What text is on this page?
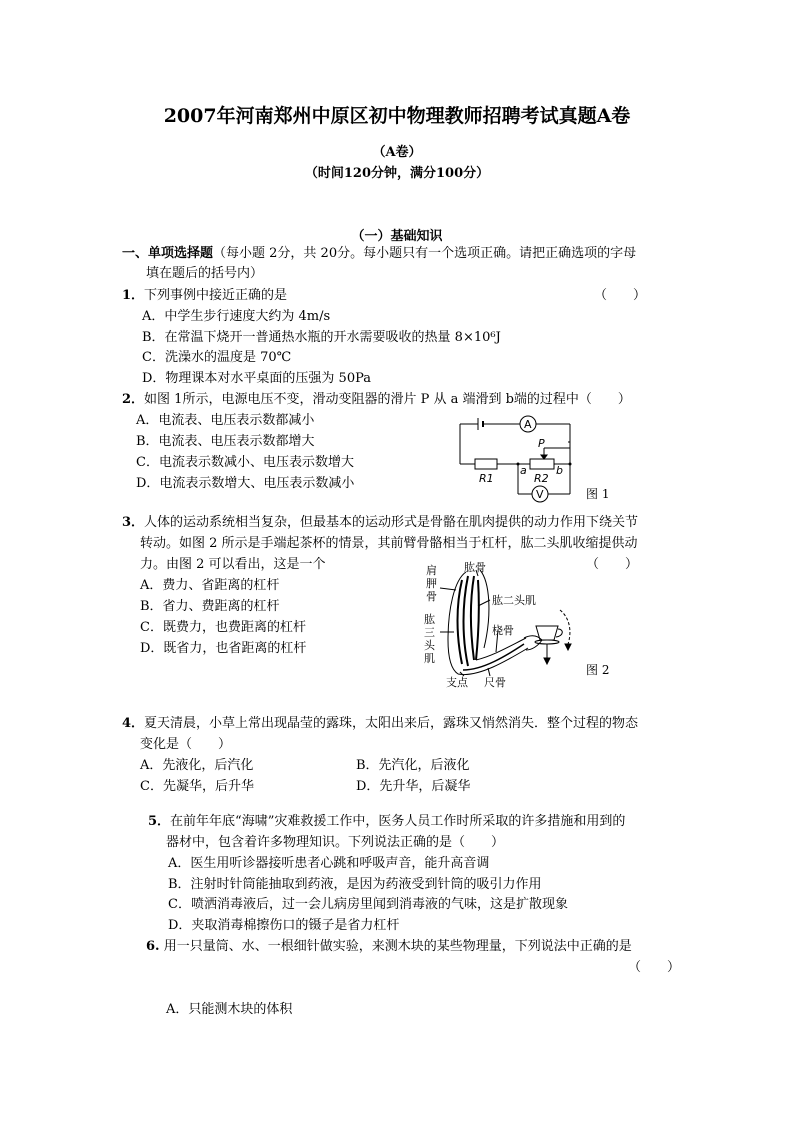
2007年河南郑州中原区初中物理教师招聘考试真题A卷
（A卷）
（时间120分钟，满分100分）
（一）基础知识
一、单项选择题（每小题 2分，共 20分。每小题只有一个选项正确。请把正确选项的字母
填在题后的括号内）
1．下列事例中接近正确的是	（　　）
A．中学生步行速度大约为 4m/s
B．在常温下烧开一普通热水瓶的开水需要吸收的热量 8×10⁶J
C．洗澡水的温度是 70℃
D．物理课本对水平桌面的压强为 50Pa
2．如图 1所示，电源电压不变，滑动变阻器的滑片 P 从 a 端滑到 b端的过程中（　　）
A．电流表、电压表示数都减小
B．电流表、电压表示数都增大
C．电流表示数减小、电压表示数增大
D．电流表示数增大、电压表示数减小
A
V
P
R1	R2
a	b
图 1
3．人体的运动系统相当复杂，但最基本的运动形式是骨骼在肌肉提供的动力作用下绕关节
转动。如图 2 所示是手端起茶杯的情景，其前臂骨骼相当于杠杆，肱二头肌收缩提供动
力。由图 2 可以看出，这是一个	（　　）
A．费力、省距离的杠杆
B．省力、费距离的杠杆
C．既费力，也费距离的杠杆
D．既省力，也省距离的杠杆
肩
胛
骨
肱骨
肱二头肌
肱
三
头
肌
桡骨
支点 尺骨
图 2
4．夏天清晨，小草上常出现晶莹的露珠，太阳出来后，露珠又悄然消失．整个过程的物态
变化是（　　）
A．先液化，后汽化	B．先汽化，后液化
C．先凝华，后升华	D．先升华，后凝华
5．在前年年底“海啸”灾难救援工作中，医务人员工作时所采取的许多措施和用到的
器材中，包含着许多物理知识。下列说法正确的是（　　）
A．医生用听诊器接听患者心跳和呼吸声音，能升高音调
B．注射时针筒能抽取到药液，是因为药液受到针筒的吸引力作用
C．喷洒消毒液后，过一会儿病房里闻到消毒液的气味，这是扩散现象
D．夹取消毒棉擦伤口的镊子是省力杠杆
6. 用一只量筒、水、一根细针做实验，来测木块的某些物理量，下列说法中正确的是
（　　）
A．只能测木块的体积
